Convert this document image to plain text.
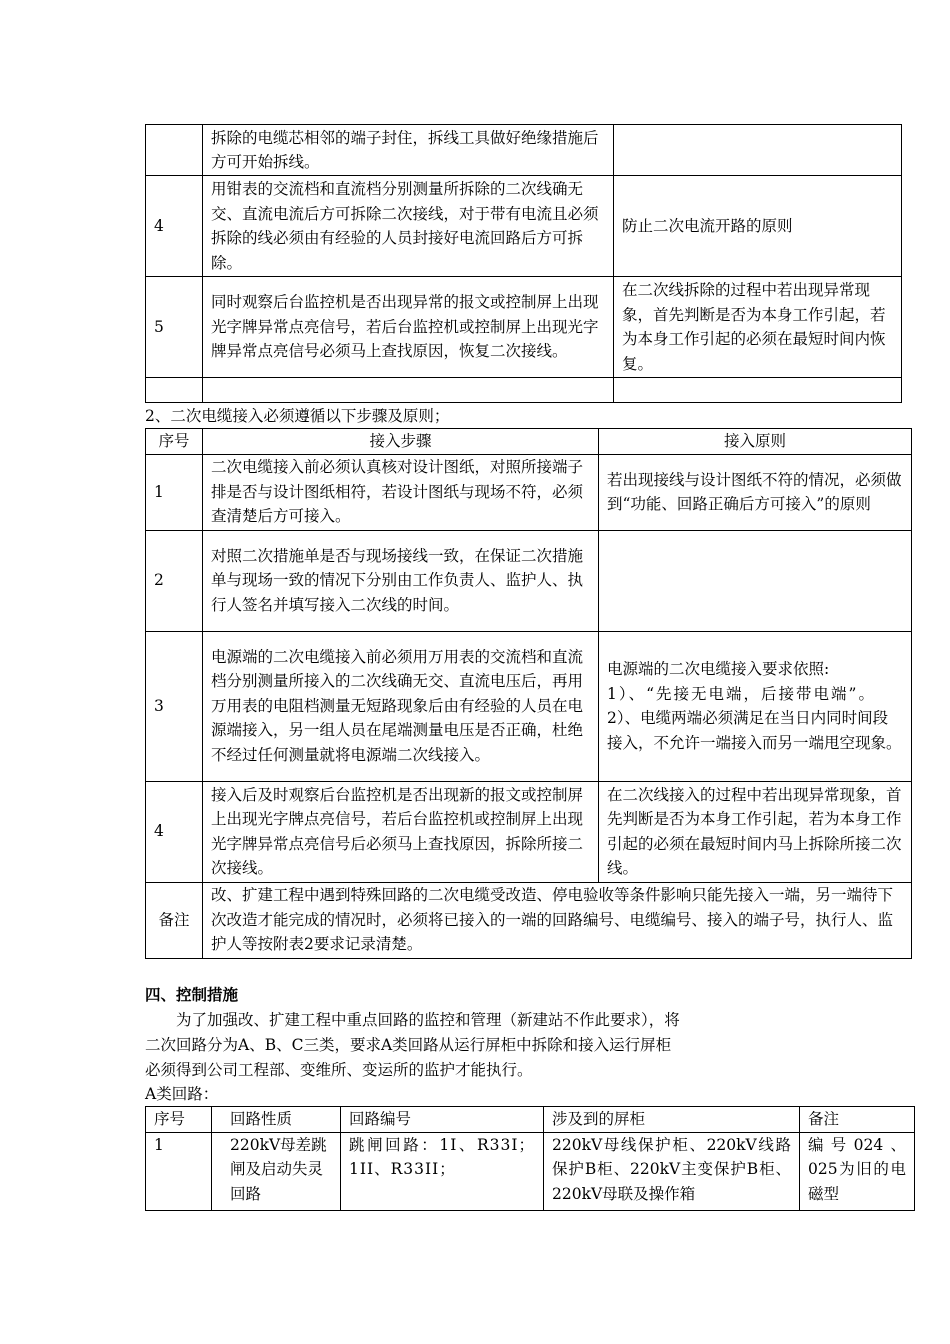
	拆除的电缆芯相邻的端子封住，拆线工具做好绝缘措施后方可开始拆线。	
4	用钳表的交流档和直流档分别测量所拆除的二次线确无交、直流电流后方可拆除二次接线，对于带有电流且必须拆除的线必须由有经验的人员封接好电流回路后方可拆除。	防止二次电流开路的原则
5	同时观察后台监控机是否出现异常的报文或控制屏上出现光字牌异常点亮信号，若后台监控机或控制屏上出现光字牌异常点亮信号必须马上查找原因，恢复二次接线。	在二次线拆除的过程中若出现异常现象，首先判断是否为本身工作引起，若为本身工作引起的必须在最短时间内恢复。

2、二次电缆接入必须遵循以下步骤及原则；

序号	接入步骤	接入原则
1	二次电缆接入前必须认真核对设计图纸，对照所接端子排是否与设计图纸相符，若设计图纸与现场不符，必须查清楚后方可接入。	若出现接线与设计图纸不符的情况，必须做到“功能、回路正确后方可接入”的原则
2	对照二次措施单是否与现场接线一致，在保证二次措施单与现场一致的情况下分别由工作负责人、监护人、执行人签名并填写接入二次线的时间。	
3	电源端的二次电缆接入前必须用万用表的交流档和直流档分别测量所接入的二次线确无交、直流电压后，再用万用表的电阻档测量无短路现象后由有经验的人员在电源端接入，另一组人员在尾端测量电压是否正确，杜绝不经过任何测量就将电源端二次线接入。	电源端的二次电缆接入要求依照:
1）、“先接无电端，后接带电端”。
2）、电缆两端必须满足在当日内同时间段接入，不允许一端接入而另一端甩空现象。

4	接入后及时观察后台监控机是否出现新的报文或控制屏上出现光字牌点亮信号，若后台监控机或控制屏上出现光字牌异常点亮信号后必须马上查找原因，拆除所接二次接线。	在二次线接入的过程中若出现异常现象，首先判断是否为本身工作引起，若为本身工作引起的必须在最短时间内马上拆除所接二次线。
备注	改、扩建工程中遇到特殊回路的二次电缆受改造、停电验收等条件影响只能先接入一端，另一端待下次改造才能完成的情况时，必须将已接入的一端的回路编号、电缆编号、接入的端子号，执行人、监护人等按附表2要求记录清楚。	

四、控制措施

为了加强改、扩建工程中重点回路的监控和管理（新建站不作此要求），将

二次回路分为A、B、C三类，要求A类回路从运行屏柜中拆除和接入运行屏柜

必须得到公司工程部、变维所、变运所的监护才能执行。

A类回路：

序号	回路性质	回路编号	涉及到的屏柜	备注
1	220kV母差跳闸及启动失灵回路	跳闸回路：1I、R33I；1II、R33II；	220kV母线保护柜、220kV线路保护B柜、220kV主变保护B柜、220kV母联及操作箱	编号024、025为旧的电磁型
